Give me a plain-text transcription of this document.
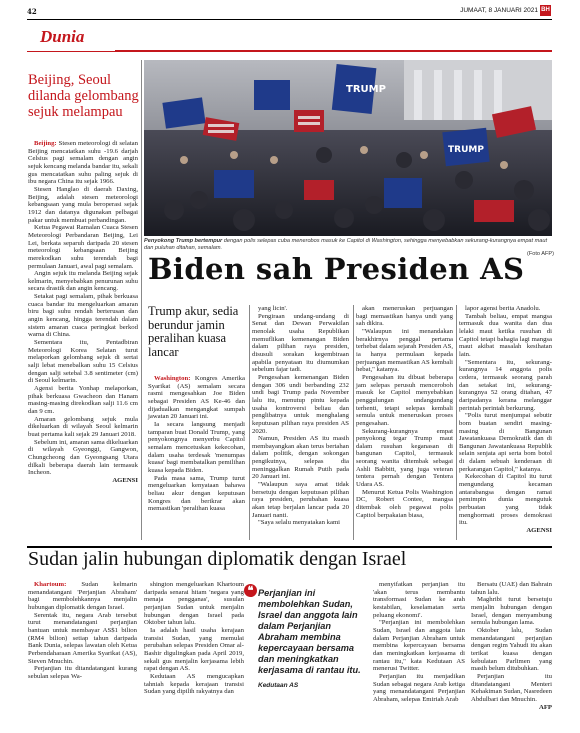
42	JUMAAT, 8 JANUARI 2021 BH
Dunia
Beijing, Seoul dilanda gelombang sejuk melampau

Beijing: Stesen meteorologi di selatan Beijing mencatatkan suhu -19.6 darjah Celsius pagi semalam dengan angin sejuk kencang melanda bandar itu, sekali gus mencatatkan suhu paling sejuk di ibu negara China itu sejak 1966.

Stesen Hanglao di daerah Daxing, Beijing, adalah stesen meteorologi kebangsaan yang mula beroperasi sejak 1912 dan datanya digunakan pelbagai pakar untuk membuat perbandingan.

Ketua Pegawai Ramalan Cuaca Stesen Meteorologi Perbandaran Beijing, Lei Lei, berkata separuh daripada 20 stesen meteorologi kebangsaan Beijing merekodkan suhu terendah bagi permulaan Januari, awal pagi semalam.

Angin sejuk itu melanda Beijing sejak kelmarin, menyebabkan penurunan suhu secara drastik dan angin kencang.

Setakat pagi semalam, pihak berkuasa cuaca bandar itu mengeluarkan amaran biru bagi suhu rendah berterusan dan angin kencang, hingga terendah dalam sistem amaran cuaca peringkat berkod warna di China.

Sementara itu, Pentadbiran Meteorologi Korea Selatan turut melaporkan gelombang sejuk di sertai salji lebat menebalkan suhu 15 Celsius dengan salji setebal 3.8 sentimeter (cm) di Seoul kelmarin.

Agensi berita Yonhap melaporkan, pihak berkuasa Gwacheon dan Hanam masing-masing direkodkan salji 11.6 cm dan 9 cm.

Amaran gelombang sejuk mula dikeluarkan di wilayah Seoul kelmarin buat pertama kali sejak 29 Januari 2018.

Sebelum ini, amaran sama dikeluarkan di wilayah Gyeonggi, Gangwon, Chungcheong dan Gyeongsang Utara dilkali beberapa daerah lain termasuk Incheon.

AGENSI
TRUMP
TRUMP
Penyokong Trump bertempur dengan polis selepas cuba menerobos masuk ke Capitol di Washington, sehingga menyebabkan sekurang-kurangnya empat maut dan puluhan ditahan, semalam.
(Foto AFP)
Biden sah Presiden AS
Trump akur, sedia berundur jamin peralihan kuasa lancar

Washington: Kongres Amerika Syarikat (AS) semalam secara rasmi mengesahkan Joe Biden sebagai Presiden AS Ke-46 dan dijadualkan mengangkat sumpah jawatan 20 Januari ini.

Ia secara langsung menjadi tamparan buat Donald Trump, yang penyokongnya menyerbu Capitol semalam mencetuskan kekecohan, dalam usaha terdesak 'menumpas kuasa' bagi membatalkan pemilihan kuasa kepada Biden.

Pada masa sama, Trump turut mengeluarkan kenyataan bahawa beliau akur dengan keputusan Kongres dan berikrar akan memastikan 'peralihan kuasa

yang licin'.

Pengiraan undang-undang di Senat dan Dewan Perwakilan menolak usaha Republikan memuflikan kemenangan Biden dalam pilihan raya presiden, disusuli sorakan kegembiraan apabila penyataan itu diumumkan sebelum fajar tadi.

Pengesahan kemenangan Biden dengan 306 undi berbanding 232 undi bagi Trump pada November lalu itu, menutup pintu kepada usaha kontroversi beliau dan penglibatnya untuk menghalang keputusan pilihan raya presiden AS 2020.

Namun, Presiden AS itu masih membayangkan akan terus bertahan dalam politik, dengan sokongan pengikutnya, selepas dia meninggalkan Rumah Putih pada 20 Januari ini.

"Walaupun saya amat tidak bersetuju dengan keputusan pilihan raya presiden, perubahan kuasa akan tetap berjalan lancar pada 20 Januari nanti.

"Saya selalu menyatakan kami

akan meneruskan perjuangan bagi memastikan hanya undi yang sah dikira.

"Walaupun ini menandakan berakhirnya penggal pertama terhebat dalam sejarah Presiden AS, ia hanya permulaan kepada perjuangan memastikan AS kembali hebat," katanya.

Pengesahan itu dibuat beberapa jam selepas perusuh menceroboh masuk ke Capitol menyebabkan penggulungan undangundang terhenti, tetapi selepas kembali semula untuk meneruskan proses pengesahan.

Sekurang-kurangnya empat penyokong tegar Trump maut dalam rusuhan keganasan di bangunan Capitol, termasuk seorang wanita ditembak sebagai Ashli Babbitt, yang juga veteran tentera pernah dengan Tentera Udara AS.

Menurut Ketua Polis Washington DC, Robert Contee, mangsa ditembak oleh pegawai polis Capitol berpakaian biasa,

lapor agensi berita Anadolu.

Tambah beliau, empat mangsa termasuk dua wanita dan dua lelaki maut ketika rusuhan di Capitol tetapi bahagia lagi mangsa maut akibat masalah kesihatan lain.

"Sementara itu, sekurang-kurangnya 14 anggota polis cedera, termasuk seorang parah dan setakat ini, sekurang-kurangnya 52 orang ditahan, 47 daripadanya kerana melanggar perintah perintah berkurung.

"Polis turut menjumpai sebutir bom buatan sendiri masing-masing di Bangunan Jawatankuasa Demokratik dan di Bangunan Jawatankuasa Republik selain senjata api serta bom botol di dalam sebuah kenderaan di perkarangan Capitol," katanya.

Kekecohan di Capitol itu turut mengundang kecaman antarabangsa dengan ramai pemimpin dunia mengutuk perbuatan yang tidak menghormati proses demokrasi itu.

AGENSI
Sudan jalin hubungan diplomatik dengan Israel

Khartoum: Sudan kelmarin menandatangani 'Perjanjian Abraham' bagi membolehkannya menjalin hubungan diplomatik dengan Israel.

Serentak itu, negara Arab tersebut turut menandatangani perjanjian bantuan untuk membayar AS$1 bilion (RM4 bilion) setiap tahun daripada Bank Dunia, selepas lawatan oleh Ketua Perbendaharaan Amerika Syarikat (AS), Steven Mnuchin.

Perjanjian itu ditandatangani kurang sebulan selepas Wa-

shington mengeluarkan Khartoum daripada senarai hitam 'negara yang menaja pengganas', susulan perjanjian Sudan untuk menjalin hubungan dengan Israel pada Oktober tahun lalu.

Ia adalah hasil usaha kerajaan transisi Sudan, yang memulai perubahan selepas Presiden Omar al-Bashir digulingkan pada April 2019, sekali gus menjalin kerjasama lebih rapat dengan AS.

Kedutaan AS mengucapkan tahniah kepada kerajaan transisi Sudan yang dipilih rakyatnya dan

❝ Perjanjian ini membolehkan Sudan, Israel dan anggota lain dalam Perjanjian Abraham membina kepercayaan bersama dan meningkatkan kerjasama di rantau itu.
Kedutaan AS

menyifatkan perjanjian itu 'akan terus membantu transformasi Sudan ke arah kestabilan, keselamatan serta peluang ekonomi'.

"Perjanjian ini membolehkan Sudan, Israel dan anggota lain dalam Perjanjian Abraham untuk membina kepercayaan bersama dan meningkatkan kerjasama di rantau itu," kata Kedutaan AS menerusi Twitter.

Perjanjian itu menjadikan Sudan sebagai negara Arab ketiga yang menandatangani Perjanjian Abraham, selepas Emiriah Arab

Bersatu (UAE) dan Bahrain tahun lalu.

Maghribi turut bersetuju menjalin hubungan dengan Israel, dengan menyambung semula hubungan lama.

Oktober lalu, Sudan menandatangani perjanjian dengan regim Yahudi itu akan terikat kuasa dengan kebulatan Parlimen yang masih belum ditubuhkan.

Perjanjian itu ditandatangani Menteri Kehakiman Sudan, Nasredeen Abdulbari dan Mnuchin.

AFP
